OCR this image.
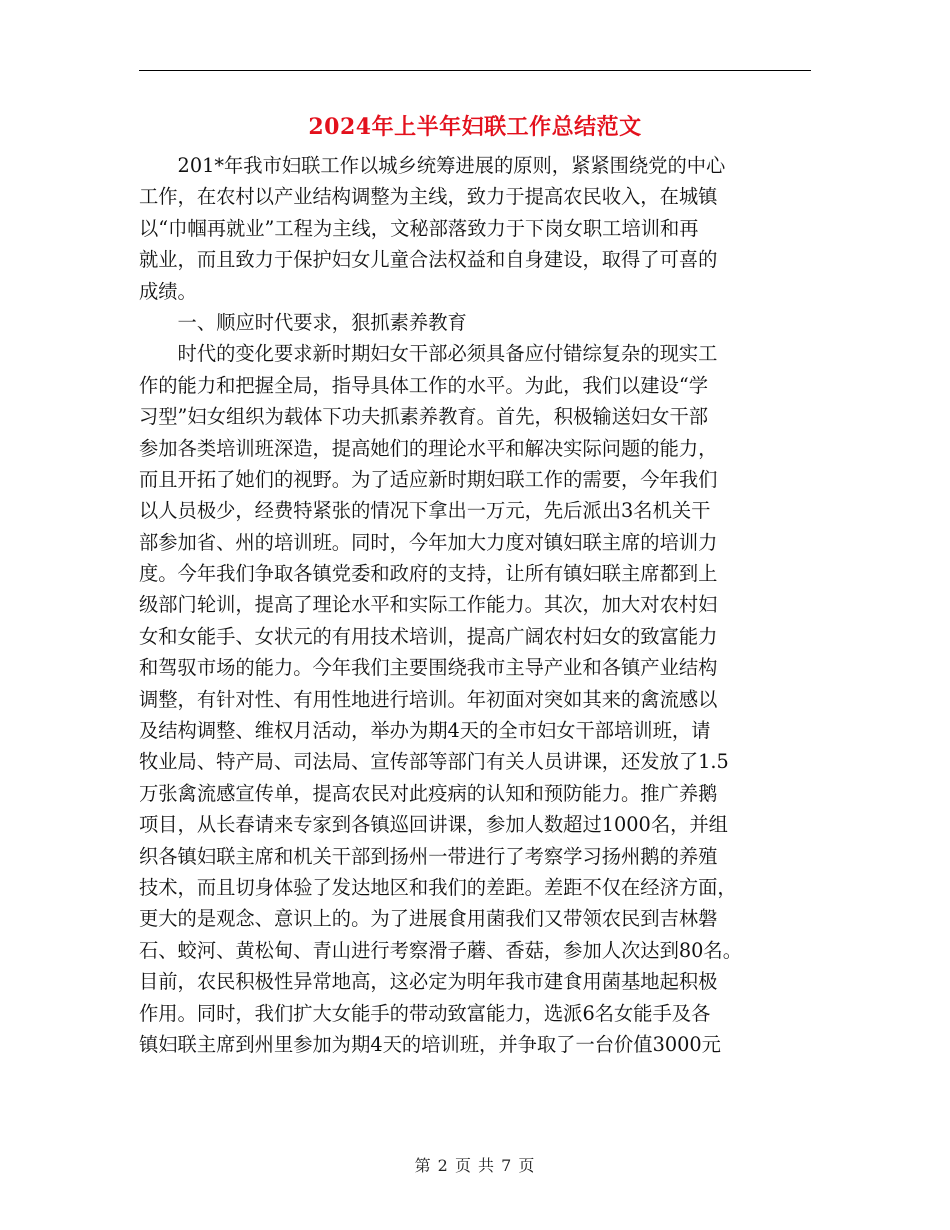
2024年上半年妇联工作总结范文
　　201*年我市妇联工作以城乡统筹进展的原则，紧紧围绕党的中心
工作，在农村以产业结构调整为主线，致力于提高农民收入，在城镇
以“巾帼再就业”工程为主线，文秘部落致力于下岗女职工培训和再
就业，而且致力于保护妇女儿童合法权益和自身建设，取得了可喜的
成绩。
　　一、顺应时代要求，狠抓素养教育
　　时代的变化要求新时期妇女干部必须具备应付错综复杂的现实工
作的能力和把握全局，指导具体工作的水平。为此，我们以建设“学
习型”妇女组织为载体下功夫抓素养教育。首先，积极输送妇女干部
参加各类培训班深造，提高她们的理论水平和解决实际问题的能力，
而且开拓了她们的视野。为了适应新时期妇联工作的需要，今年我们
以人员极少，经费特紧张的情况下拿出一万元，先后派出3名机关干
部参加省、州的培训班。同时，今年加大力度对镇妇联主席的培训力
度。今年我们争取各镇党委和政府的支持，让所有镇妇联主席都到上
级部门轮训，提高了理论水平和实际工作能力。其次，加大对农村妇
女和女能手、女状元的有用技术培训，提高广阔农村妇女的致富能力
和驾驭市场的能力。今年我们主要围绕我市主导产业和各镇产业结构
调整，有针对性、有用性地进行培训。年初面对突如其来的禽流感以
及结构调整、维权月活动，举办为期4天的全市妇女干部培训班，请
牧业局、特产局、司法局、宣传部等部门有关人员讲课，还发放了1.5
万张禽流感宣传单，提高农民对此疫病的认知和预防能力。推广养鹅
项目，从长春请来专家到各镇巡回讲课，参加人数超过1000名，并组
织各镇妇联主席和机关干部到扬州一带进行了考察学习扬州鹅的养殖
技术，而且切身体验了发达地区和我们的差距。差距不仅在经济方面，
更大的是观念、意识上的。为了进展食用菌我们又带领农民到吉林磐
石、蛟河、黄松甸、青山进行考察滑子蘑、香菇，参加人次达到80名。
目前，农民积极性异常地高，这必定为明年我市建食用菌基地起积极
作用。同时，我们扩大女能手的带动致富能力，选派6名女能手及各
镇妇联主席到州里参加为期4天的培训班，并争取了一台价值3000元
第 2 页 共 7 页
